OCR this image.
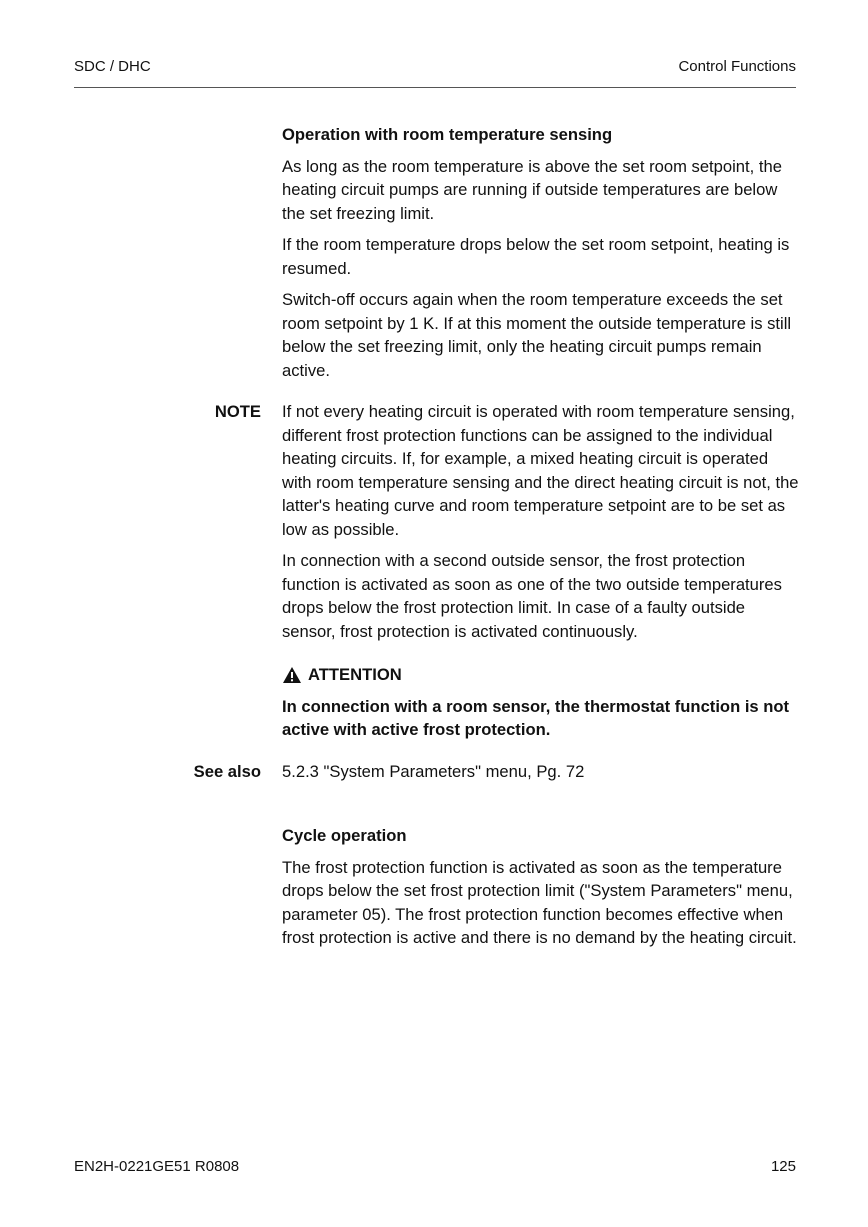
SDC / DHC	Control Functions

Operation with room temperature sensing

As long as the room temperature is above the set room setpoint, the heating circuit pumps are running if outside temperatures are below the set freezing limit.

If the room temperature drops below the set room setpoint, heating is resumed.

Switch-off occurs again when the room temperature exceeds the set room setpoint by 1 K. If at this moment the outside temperature is still below the set freezing limit, only the heating circuit pumps remain active.

NOTE If not every heating circuit is operated with room temperature sensing, different frost protection functions can be assigned to the individual heating circuits. If, for example, a mixed heating circuit is operated with room temperature sensing and the direct heating circuit is not, the latter's heating curve and room temperature setpoint are to be set as low as possible.

In connection with a second outside sensor, the frost protection function is activated as soon as one of the two outside temperatures drops below the frost protection limit. In case of a faulty outside sensor, frost protection is activated continuously.

ATTENTION

In connection with a room sensor, the thermostat function is not active with active frost protection.

See also 5.2.3 "System Parameters" menu, Pg. 72

Cycle operation

The frost protection function is activated as soon as the temperature drops below the set frost protection limit ("System Parameters" menu, parameter 05). The frost protection function becomes effective when frost protection is active and there is no demand by the heating circuit.

EN2H-0221GE51 R0808	125
